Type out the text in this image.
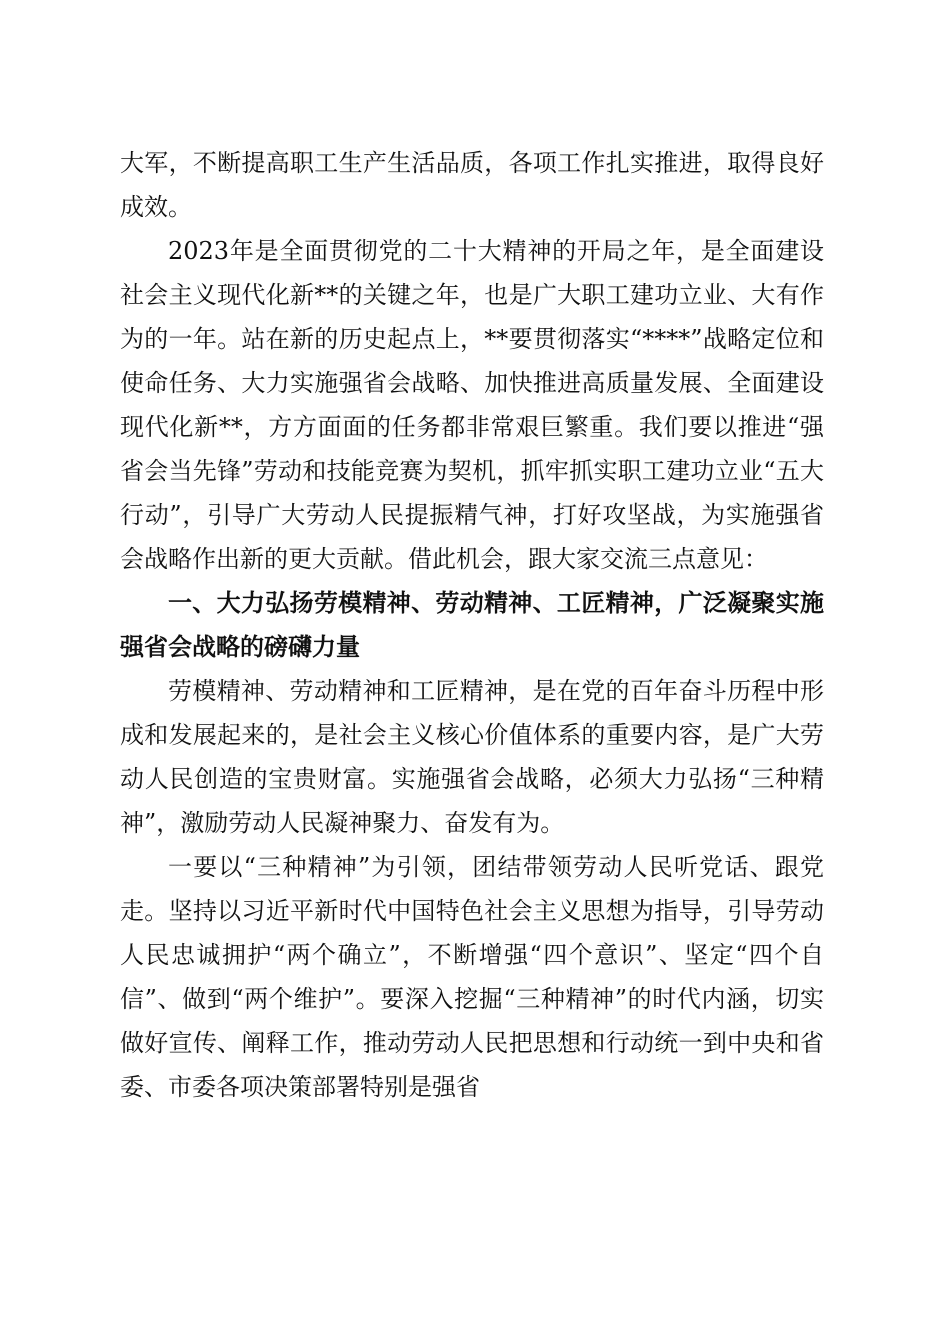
大军，不断提高职工生产生活品质，各项工作扎实推进，取得良好成效。

2023年是全面贯彻党的二十大精神的开局之年，是全面建设社会主义现代化新**的关键之年，也是广大职工建功立业、大有作为的一年。站在新的历史起点上，**要贯彻落实“****”战略定位和使命任务、大力实施强省会战略、加快推进高质量发展、全面建设现代化新**，方方面面的任务都非常艰巨繁重。我们要以推进“强省会当先锋”劳动和技能竞赛为契机，抓牢抓实职工建功立业“五大行动”，引导广大劳动人民提振精气神，打好攻坚战，为实施强省会战略作出新的更大贡献。借此机会，跟大家交流三点意见：

一、大力弘扬劳模精神、劳动精神、工匠精神，广泛凝聚实施强省会战略的磅礴力量

劳模精神、劳动精神和工匠精神，是在党的百年奋斗历程中形成和发展起来的，是社会主义核心价值体系的重要内容，是广大劳动人民创造的宝贵财富。实施强省会战略，必须大力弘扬“三种精神”，激励劳动人民凝神聚力、奋发有为。

一要以“三种精神”为引领，团结带领劳动人民听党话、跟党走。坚持以习近平新时代中国特色社会主义思想为指导，引导劳动人民忠诚拥护“两个确立”，不断增强“四个意识”、坚定“四个自信”、做到“两个维护”。要深入挖掘“三种精神”的时代内涵，切实做好宣传、阐释工作，推动劳动人民把思想和行动统一到中央和省委、市委各项决策部署特别是强省
